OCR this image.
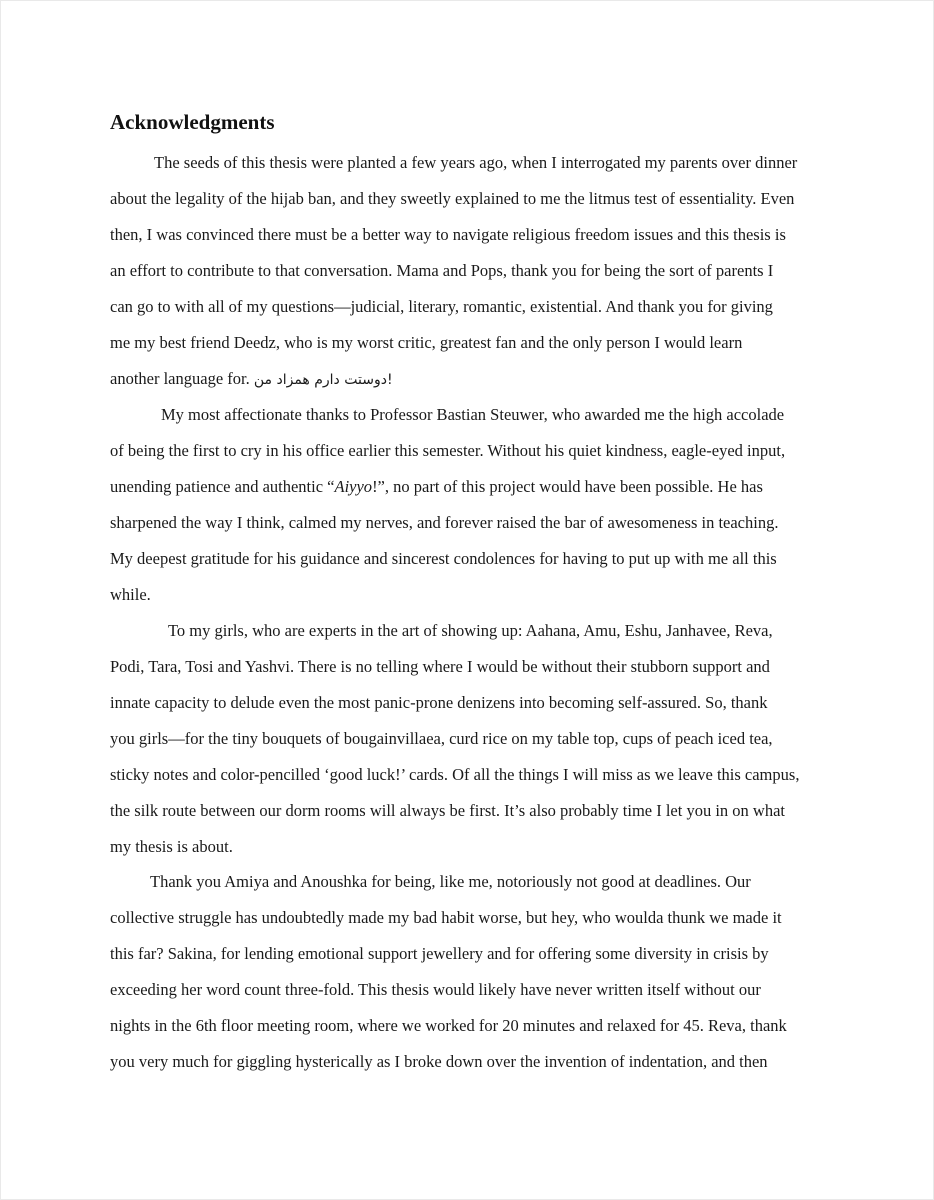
Acknowledgments
The seeds of this thesis were planted a few years ago, when I interrogated my parents over dinner
about the legality of the hijab ban, and they sweetly explained to me the litmus test of essentiality. Even
then, I was convinced there must be a better way to navigate religious freedom issues and this thesis is
an effort to contribute to that conversation. Mama and Pops, thank you for being the sort of parents I
can go to with all of my questions—judicial, literary, romantic, existential. And thank you for giving
me my best friend Deedz, who is my worst critic, greatest fan and the only person I would learn
another language for. !دوستت دارم همزاد من
My most affectionate thanks to Professor Bastian Steuwer, who awarded me the high accolade
of being the first to cry in his office earlier this semester. Without his quiet kindness, eagle-eyed input,
unending patience and authentic “Aiyyo!”, no part of this project would have been possible. He has
sharpened the way I think, calmed my nerves, and forever raised the bar of awesomeness in teaching.
My deepest gratitude for his guidance and sincerest condolences for having to put up with me all this
while.
To my girls, who are experts in the art of showing up: Aahana, Amu, Eshu, Janhavee, Reva,
Podi, Tara, Tosi and Yashvi. There is no telling where I would be without their stubborn support and
innate capacity to delude even the most panic-prone denizens into becoming self-assured. So, thank
you girls—for the tiny bouquets of bougainvillaea, curd rice on my table top, cups of peach iced tea,
sticky notes and color-pencilled ‘good luck!’ cards. Of all the things I will miss as we leave this campus,
the silk route between our dorm rooms will always be first. It’s also probably time I let you in on what
my thesis is about.
Thank you Amiya and Anoushka for being, like me, notoriously not good at deadlines. Our
collective struggle has undoubtedly made my bad habit worse, but hey, who woulda thunk we made it
this far? Sakina, for lending emotional support jewellery and for offering some diversity in crisis by
exceeding her word count three-fold. This thesis would likely have never written itself without our
nights in the 6th floor meeting room, where we worked for 20 minutes and relaxed for 45. Reva, thank
you very much for giggling hysterically as I broke down over the invention of indentation, and then
